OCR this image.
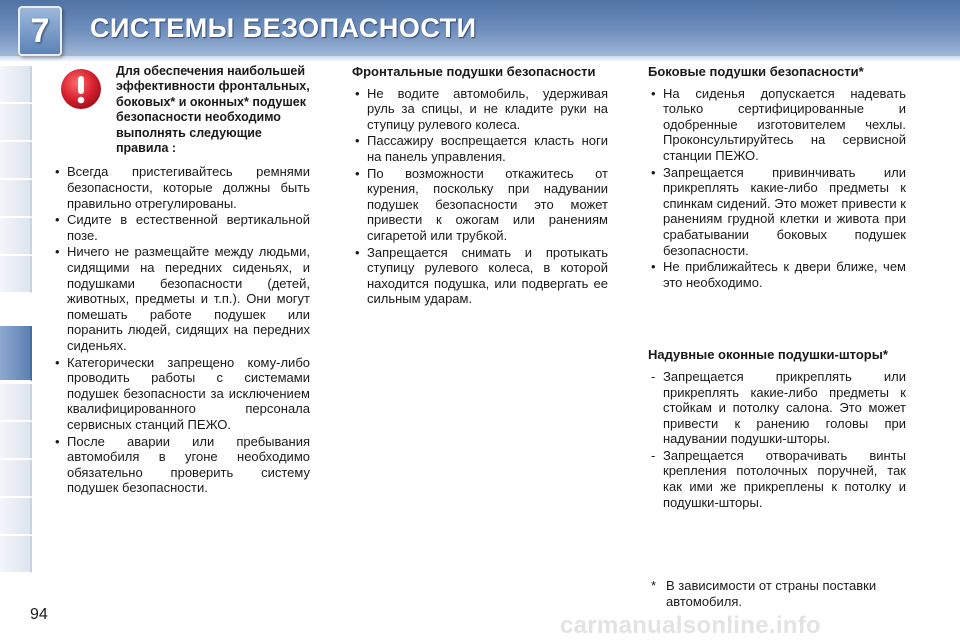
7 СИСТЕМЫ БЕЗОПАСНОСТИ
Для обеспечения наибольшей эффективности фронтальных, боковых* и оконных* подушек безопасности необходимо выполнять следующие правила :
• Всегда пристегивайтесь ремнями безопасности, которые должны быть правильно отрегулированы.
• Сидите в естественной вертикальной позе.
• Ничего не размещайте между людьми, сидящими на передних сиденьях, и подушками безопасности (детей, животных, предметы и т.п.). Они могут помешать работе подушек или поранить людей, сидящих на передних сиденьях.
• Категорически запрещено кому-либо проводить работы с системами подушек безопасности за исключением квалифицированного персонала сервисных станций ПЕЖО.
• После аварии или пребывания автомобиля в угоне необходимо обязательно проверить систему подушек безопасности.
Фронтальные подушки безопасности
• Не водите автомобиль, удерживая руль за спицы, и не кладите руки на ступицу рулевого колеса.
• Пассажиру воспрещается класть ноги на панель управления.
• По возможности откажитесь от курения, поскольку при надувании подушек безопасности это может привести к ожогам или ранениям сигаретой или трубкой.
• Запрещается снимать и протыкать ступицу рулевого колеса, в которой находится подушка, или подвергать ее сильным ударам.
Боковые подушки безопасности*
• На сиденья допускается надевать только сертифицированные и одобренные изготовителем чехлы. Проконсультируйтесь на сервисной станции ПЕЖО.
• Запрещается привинчивать или прикреплять какие-либо предметы к спинкам сидений. Это может привести к ранениям грудной клетки и живота при срабатывании боковых подушек безопасности.
• Не приближайтесь к двери ближе, чем это необходимо.
Надувные оконные подушки-шторы*
- Запрещается прикреплять или прикреплять какие-либо предметы к стойкам и потолку салона. Это может привести к ранению головы при надувании подушки-шторы.
- Запрещается отворачивать винты крепления потолочных поручней, так как ими же прикреплены к потолку и подушки-шторы.
* В зависимости от страны поставки автомобиля.
94	carmanualsonline.info
